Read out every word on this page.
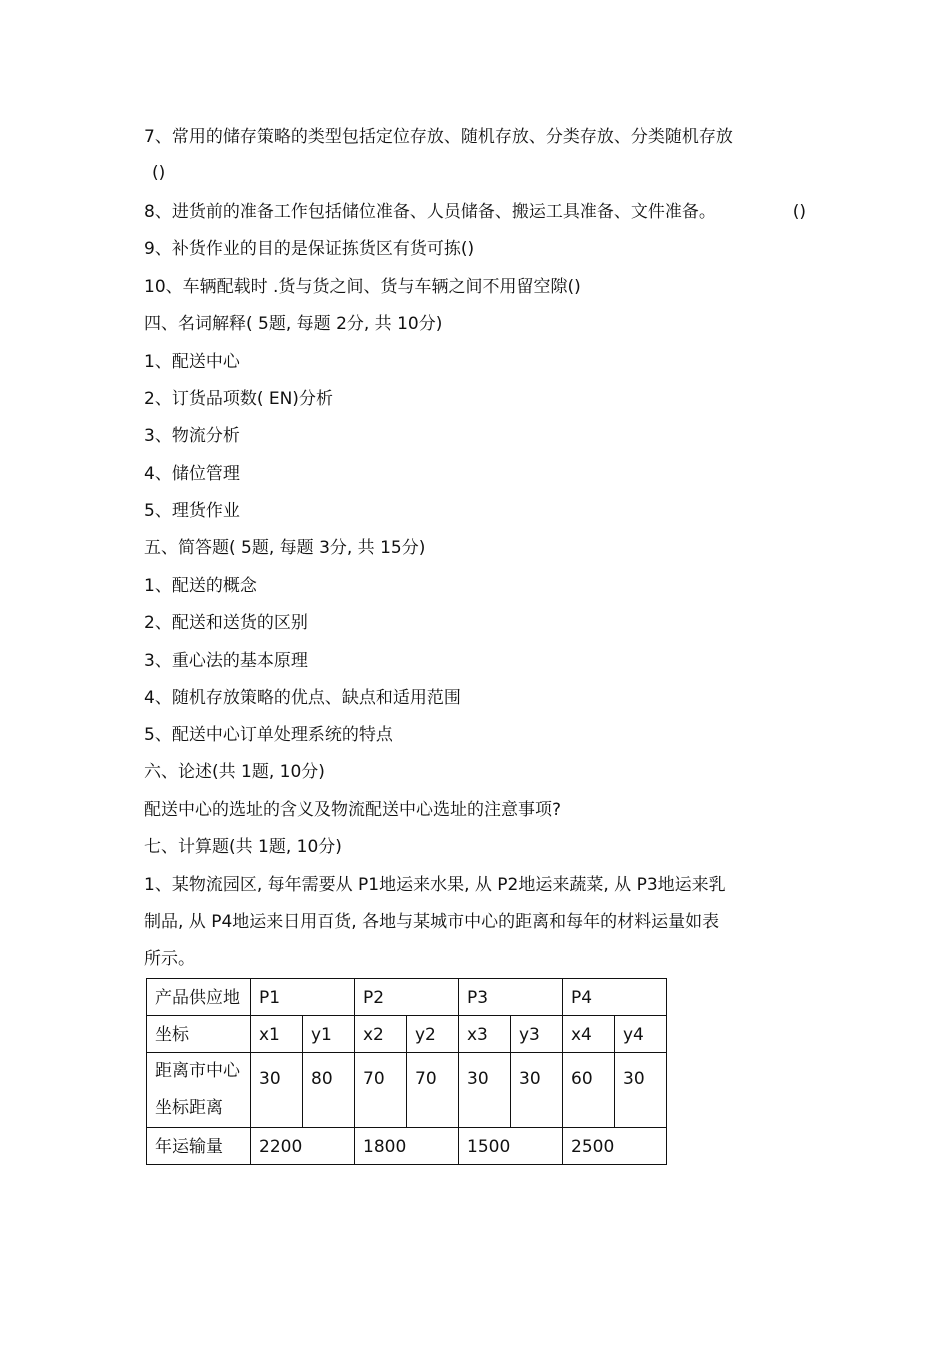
7、常用的储存策略的类型包括定位存放、随机存放、分类存放、分类随机存放
()
8、进货前的准备工作包括储位准备、人员储备、搬运工具准备、文件准备。	()
9、补货作业的目的是保证拣货区有货可拣()
10、车辆配载时 .货与货之间、货与车辆之间不用留空隙()
四、名词解释( 5题, 每题 2分, 共 10分)
1、配送中心
2、订货品项数( EN)分析
3、物流分析
4、储位管理
5、理货作业
五、简答题( 5题, 每题 3分, 共 15分)
1、配送的概念
2、配送和送货的区别
3、重心法的基本原理
4、随机存放策略的优点、缺点和适用范围
5、配送中心订单处理系统的特点
六、论述(共 1题, 10分)
配送中心的选址的含义及物流配送中心选址的注意事项?
七、计算题(共 1题, 10分)
1、某物流园区, 每年需要从 P1地运来水果, 从 P2地运来蔬菜, 从 P3地运来乳
制品, 从 P4地运来日用百货, 各地与某城市中心的距离和每年的材料运量如表
所示。
产品供应地	P1		P2		P3		P4	
坐标	x1	y1	x2	y2	x3	y3	x4	y4

距离市中心
坐标距离	30	80	70	70	30	30	60	30
年运输量	2200		1800		1500		2500	
